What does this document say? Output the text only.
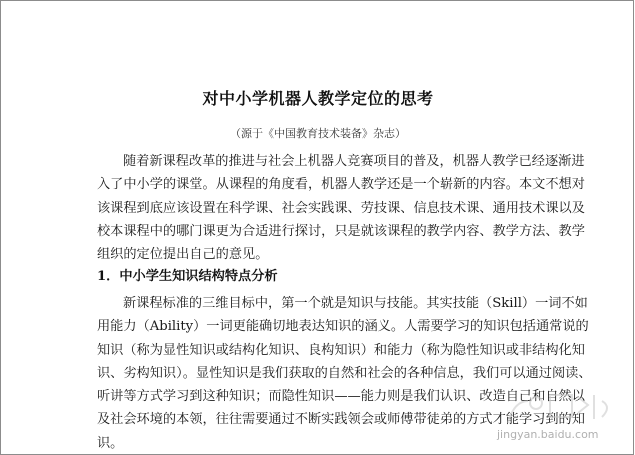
对中小学机器人教学定位的思考
（源于《中国教育技术装备》杂志）
随着新课程改革的推进与社会上机器人竞赛项目的普及，机器人教学已经逐渐进
入了中小学的课堂。从课程的角度看，机器人教学还是一个崭新的内容。本文不想对
该课程到底应该设置在科学课、社会实践课、劳技课、信息技术课、通用技术课以及
校本课程中的哪门课更为合适进行探讨，只是就该课程的教学内容、教学方法、教学
组织的定位提出自己的意见。
1．中小学生知识结构特点分析
新课程标准的三维目标中，第一个就是知识与技能。其实技能（Skill）一词不如
用能力（Ability）一词更能确切地表达知识的涵义。人需要学习的知识包括通常说的
知识（称为显性知识或结构化知识、良构知识）和能力（称为隐性知识或非结构化知
识、劣构知识）。显性知识是我们获取的自然和社会的各种信息，我们可以通过阅读、
听讲等方式学习到这种知识；而隐性知识——能力则是我们认识、改造自己和自然以
及社会环境的本领，往往需要通过不断实践领会或师傅带徒弟的方式才能学习到的知
识。
jingyan.baidu.com
